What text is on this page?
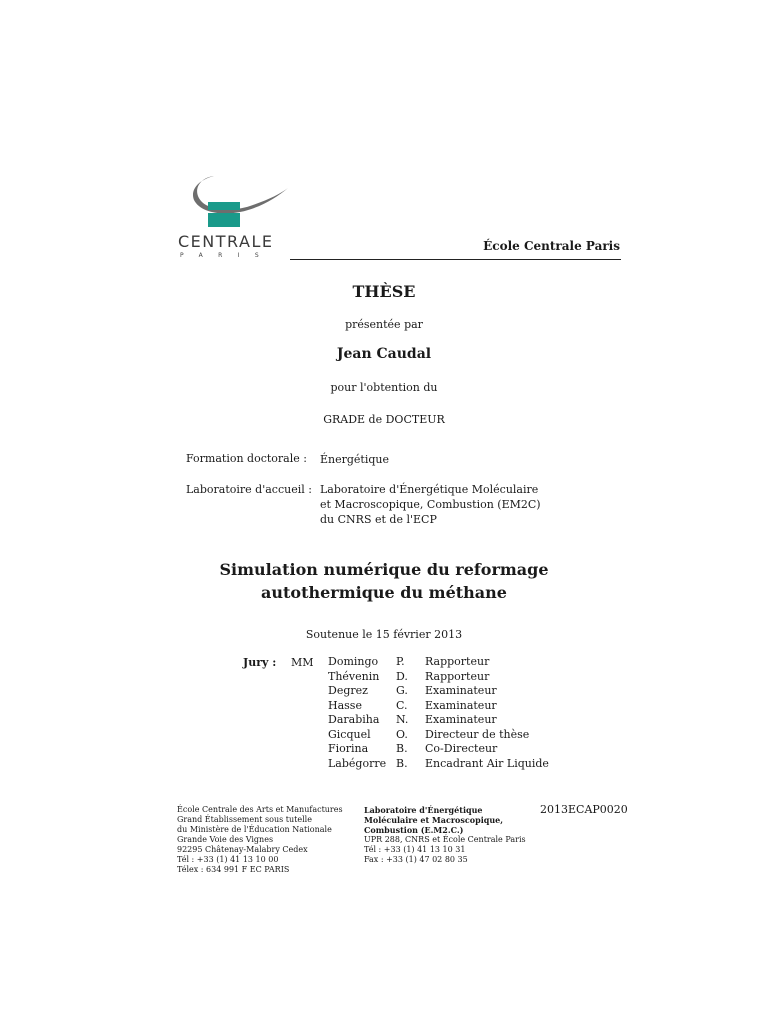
CENTRALE
PARIS
École Centrale Paris
THÈSE
présentée par
Jean Caudal
pour l'obtention du
GRADE de DOCTEUR
Formation doctorale : Énergétique
Laboratoire d'accueil : Laboratoire d'Énergétique Moléculaire
et Macroscopique, Combustion (EM2C)
du CNRS et de l'ECP
Simulation numérique du reformage
autothermique du méthane
Soutenue le 15 février 2013
Jury : MM Domingo	P.	Rapporteur
Thévenin	D.	Rapporteur
Degrez	G.	Examinateur
Hasse	C.	Examinateur
Darabiha	N.	Examinateur
Gicquel	O.	Directeur de thèse
Fiorina	B.	Co-Directeur
Labégorre	B.	Encadrant Air Liquide
École Centrale des Arts et Manufactures
Grand Établissement sous tutelle
du Ministère de l'Éducation Nationale
Grande Voie des Vignes
92295 Châtenay-Malabry Cedex
Tél : +33 (1) 41 13 10 00
Télex : 634 991 F EC PARIS
Laboratoire d'Énergétique
Moléculaire et Macroscopique,
Combustion (E.M2.C.)
UPR 288, CNRS et École Centrale Paris
Tél : +33 (1) 41 13 10 31
Fax : +33 (1) 47 02 80 35
2013ECAP0020
